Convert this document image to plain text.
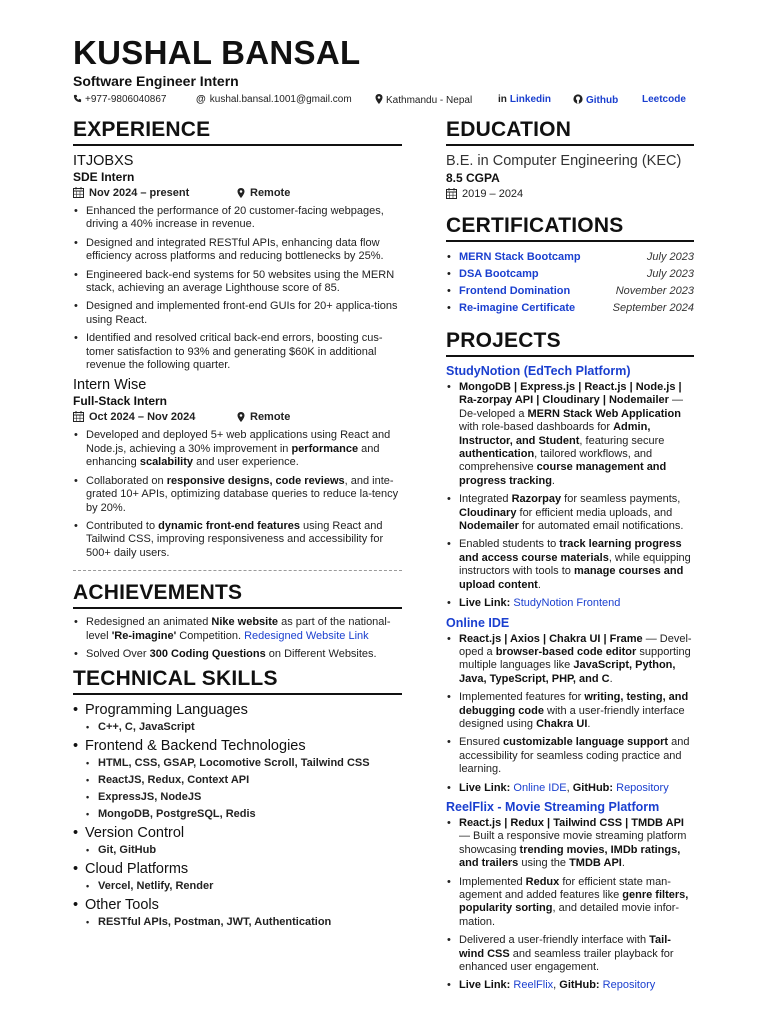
KUSHAL BANSAL
Software Engineer Intern
+977-9806040867	@ kushal.bansal.1001@gmail.com	Kathmandu - Nepal	in Linkedin	Github Leetcode
EXPERIENCE
ITJOBXS
SDE Intern
Nov 2024 – present	Remote
• Enhanced the performance of 20 customer-facing webpages, driving a 40% increase in revenue.
• Designed and integrated RESTful APIs, enhancing data flow efficiency across platforms and reducing bottlenecks by 25%.
• Engineered back-end systems for 50 websites using the MERN stack, achieving an average Lighthouse score of 85.
• Designed and implemented front-end GUIs for 20+ applica-tions using React.
• Identified and resolved critical back-end errors, boosting cus-tomer satisfaction to 93% and generating $60K in additional revenue the following quarter.
Intern Wise
Full-Stack Intern
Oct 2024 – Nov 2024	Remote
• Developed and deployed 5+ web applications using React and Node.js, achieving a 30% improvement in performance and enhancing scalability and user experience.
• Collaborated on responsive designs, code reviews, and inte-grated 10+ APIs, optimizing database queries to reduce la-tency by 20%.
• Contributed to dynamic front-end features using React and Tailwind CSS, improving responsiveness and accessibility for 500+ daily users.
ACHIEVEMENTS
• Redesigned an animated Nike website as part of the national-level 'Re-imagine' Competition. Redesigned Website Link
• Solved Over 300 Coding Questions on Different Websites.
TECHNICAL SKILLS
• Programming Languages
• C++, C, JavaScript
• Frontend & Backend Technologies
• HTML, CSS, GSAP, Locomotive Scroll, Tailwind CSS
• ReactJS, Redux, Context API
• ExpressJS, NodeJS
• MongoDB, PostgreSQL, Redis
• Version Control
• Git, GitHub
• Cloud Platforms
• Vercel, Netlify, Render
• Other Tools
• RESTful APIs, Postman, JWT, Authentication
EDUCATION
B.E. in Computer Engineering (KEC)
8.5 CGPA
2019 – 2024
CERTIFICATIONS
• MERN Stack Bootcamp	July 2023
• DSA Bootcamp	July 2023
• Frontend Domination	November 2023
• Re-imagine Certificate	September 2024
PROJECTS
StudyNotion (EdTech Platform)
• MongoDB | Express.js | React.js | Node.js | Ra-zorpay API | Cloudinary | Nodemailer — De-veloped a MERN Stack Web Application with role-based dashboards for Admin, Instructor, and Student, featuring secure authentication, tailored workflows, and comprehensive course management and progress tracking.
• Integrated Razorpay for seamless payments, Cloudinary for efficient media uploads, and Nodemailer for automated email notifications.
• Enabled students to track learning progress and access course materials, while equipping instructors with tools to manage courses and upload content.
• Live Link: StudyNotion Frontend
Online IDE
• React.js | Axios | Chakra UI | Frame — Devel-oped a browser-based code editor supporting multiple languages like JavaScript, Python, Java, TypeScript, PHP, and C.
• Implemented features for writing, testing, and debugging code with a user-friendly interface designed using Chakra UI.
• Ensured customizable language support and accessibility for seamless coding practice and learning.
• Live Link: Online IDE, GitHub: Repository
ReelFlix - Movie Streaming Platform
• React.js | Redux | Tailwind CSS | TMDB API — Built a responsive movie streaming platform showcasing trending movies, IMDb ratings, and trailers using the TMDB API.
• Implemented Redux for efficient state man-agement and added features like genre filters, popularity sorting, and detailed movie infor-mation.
• Delivered a user-friendly interface with Tail-wind CSS and seamless trailer playback for enhanced user engagement.
• Live Link: ReelFlix, GitHub: Repository
